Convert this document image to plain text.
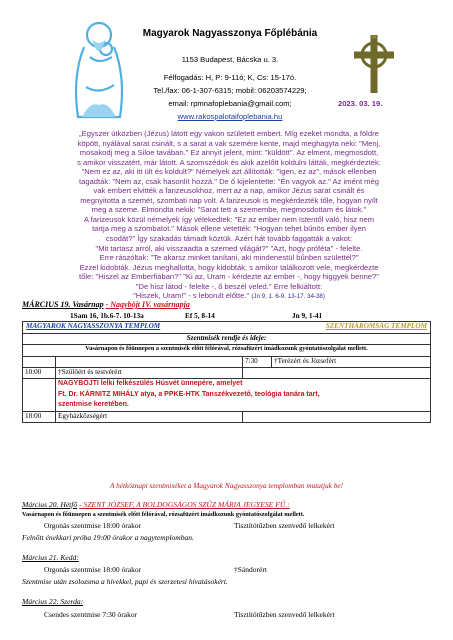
Magyarok Nagyasszonya Főplébánia
1153 Budapest, Bácska u. 3.
Félfogadás: H, P: 9-11ó; K, Cs: 15-17ó.
Tel./fax: 06-1-307-6315; mobil: 06203574229;
email: rpmnafoplebania@gmail.com;
www.rakospalotaifoplebania.hu
2023. 03. 19.
„Egyszer útközben (Jézus) látott egy vakon született embert. Míg ezeket mondta, a földre
köpött, nyálával sarat csinált, s a sarat a vak szemére kente, majd meghagyta neki: "Menj,
mosakodj meg a Siloe tavában." Ez annyit jelent, mint: "küldött". Az elment, megmosdott,
s amikor visszatért, már látott. A szomszédok és akik azelőtt koldulni látták, megkérdezték:
"Nem ez az, aki itt ült és koldult?" Némelyek azt állították: "Igen, ez az", mások ellenben
tagadták: "Nem az, csak hasonlít hozzá." De ő kijelentette: "Én vagyok az." Az imént még
vak embert elvitték a farizeusokhoz, mert az a nap, amikor Jézus sarat csinált és
megnyitotta a szemét, szombati nap volt. A farizeusok is megkérdezték tőle, hogyan nyílt
meg a szeme. Elmondta nekik: "Sarat tett a szemembe, megmosdottam és látok."
A farizeusok közül némelyek így vélekedtek: "Ez az ember nem Istentől való, hisz nem
tartja meg a szombatot." Mások ellene vetették: "Hogyan tehet bűnös ember ilyen
csodát?" Így szakadás támadt köztük. Azért hát tovább faggatták a vakot:
"Mit tartasz arról, aki visszaadta a szemed világát?" "Azt, hogy próféta" - felelte.
Erre rászóltak: "Te akarsz minket tanítani, aki mindenestül bűnben születtél?"
Ezzel kidobták. Jézus meghallotta, hogy kidobták, s amikor találkozott vele, megkérdezte
tőle: "Hiszel az Emberfiában?" "Ki az, Uram - kérdezte az ember -, hogy higgyek benne?"
"De hisz látod - felelte -, ő beszél veled." Erre felkiáltott:
"Hiszek, Uram!" - s leborult előtte." (Jn 9, 1. 6-9. 13-17. 34-38)
MÁRCIUS 19. Vasárnap - Nagyböjt IV. vasárnapja
1Sam 16, 1b.6-7. 10-13a	Ef 5, 8-14	Jn 9, 1-41
MAGYAROK NAGYASSZONYA TEMPLOM SZENTHÁROMSÁG TEMPLOM			

Szentmisék rendje és ideje:			
Vasárnapon és főünnepen a szentmisék előtt félórával, rózsafüzért imádkozunk gyóntatószolgálat mellett.			
		7:30	†Terézért és Józsefért
10:00	†Szülőért és testvérért		

	NAGYBÖJTI lelki felkészülés Húsvét ünnepére, amelyet
Ft. Dr. KÁRNITZ MIHÁLY atya, a PPKE-HTK Tanszékvezető, teológia tanára tart,
szentmise keretében.		

18:00	Egyházközségért		
A hétköznapi szentmiséket a Magyarok Nagyasszonya templomban mutatjuk be!
Március 20. Hétfő - SZENT JÓZSEF, A BOLDOGSÁGOS SZŰZ MÁRIA JEGYESE FŰ.:
Vasárnapon és főünnepen a szentmisék előtt félórával, rózsafüzért imádkozunk gyóntatószolgálat mellett.
Orgonás szentmise 18:00 órakor	Tisztítótűzben szenvedő lelkekért
Felnőtt énekkari próba 19:00 órakor a nagytemplomban.
Március 21. Kedd:
Orgonás szentmise 18:00 órakor	†Sándorért
Szentmise után zsolozsma a hívekkel, papi és szerzetesi hivatásokért.
Március 22. Szerda:
Csendes szentmise 7:30 órakor	Tisztítótűzben szenvedő lelkekért
